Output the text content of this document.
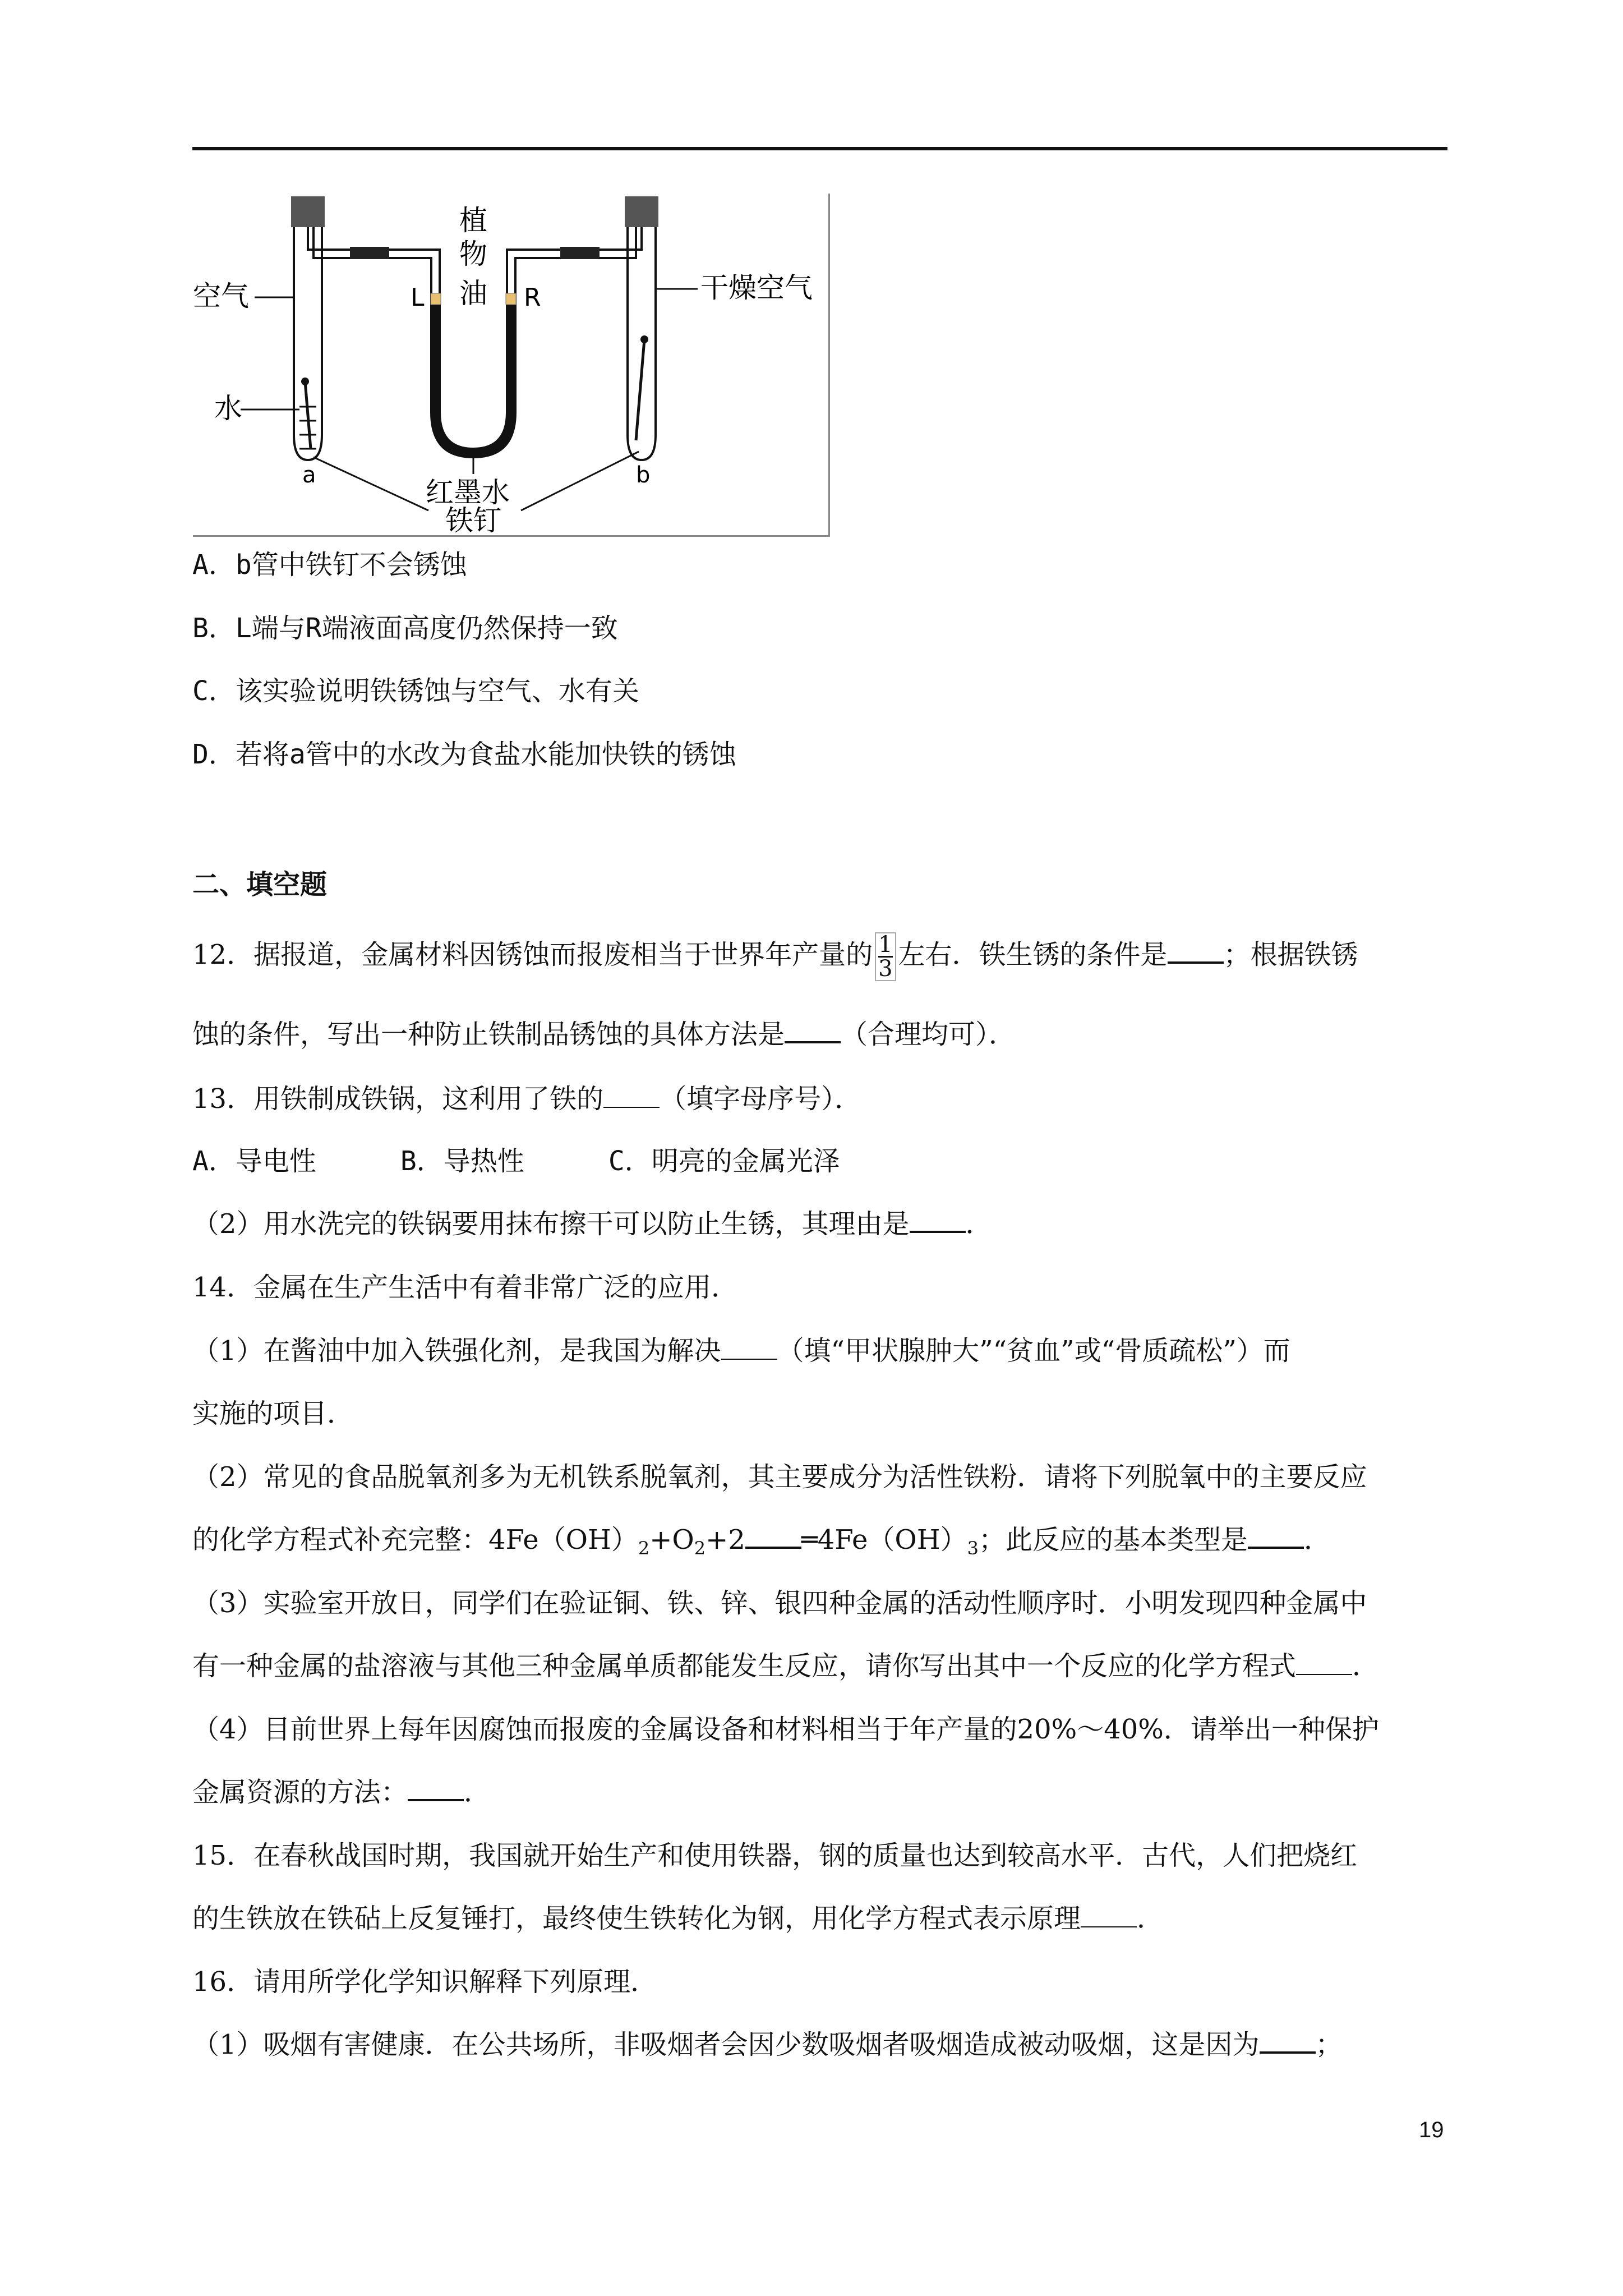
空气
水
植
物
油
L	R	干燥空气
红墨水
铁钉
a	b
A．b管中铁钉不会锈蚀
B．L端与R端液面高度仍然保持一致
C．该实验说明铁锈蚀与空气、水有关
D．若将a管中的水改为食盐水能加快铁的锈蚀
二、填空题
12．据报道，金属材料因锈蚀而报废相当于世界年产量的 $\frac{1}{3}$ 左右．铁生锈的条件是 ；根据铁锈
蚀的条件，写出一种防止铁制品锈蚀的具体方法是 （合理均可）．
13．用铁制成铁锅，这利用了铁的 （填字母序号）．
A．导电性	B．导热性	C．明亮的金属光泽
（2）用水洗完的铁锅要用抹布擦干可以防止生锈，其理由是 ．
14．金属在生产生活中有着非常广泛的应用．
（1）在酱油中加入铁强化剂，是我国为解决 （填“甲状腺肿大”“贫血”或“骨质疏松”）而
实施的项目．
（2）常见的食品脱氧剂多为无机铁系脱氧剂，其主要成分为活性铁粉．请将下列脱氧中的主要反应
的化学方程式补充完整：$4Fe(OH)_2+O_2+2$ $═4Fe(OH)_3$；此反应的基本类型是 ．
（3）实验室开放日，同学们在验证铜、铁、锌、银四种金属的活动性顺序时．小明发现四种金属中
有一种金属的盐溶液与其他三种金属单质都能发生反应，请你写出其中一个反应的化学方程式 ．
（4）目前世界上每年因腐蚀而报废的金属设备和材料相当于年产量的20%～40%．请举出一种保护
金属资源的方法： ．
15．在春秋战国时期，我国就开始生产和使用铁器，钢的质量也达到较高水平．古代，人们把烧红
的生铁放在铁砧上反复锤打，最终使生铁转化为钢，用化学方程式表示原理 ．
16．请用所学化学知识解释下列原理．
（1）吸烟有害健康．在公共场所，非吸烟者会因少数吸烟者吸烟造成被动吸烟，这是因为 ；
19
